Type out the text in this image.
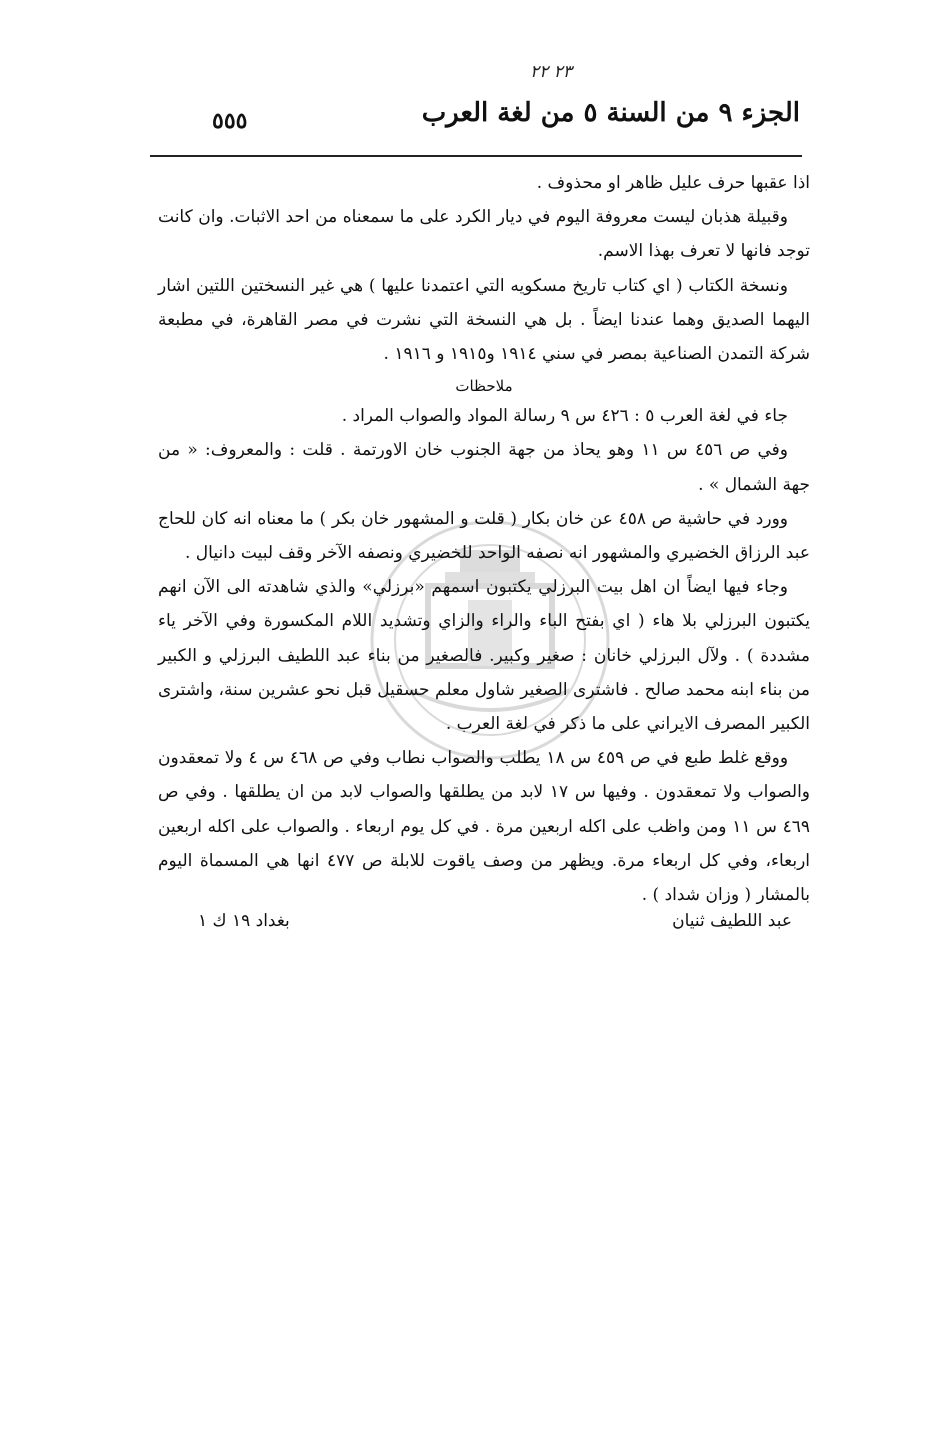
٢٣ ٢٢
الجزء ٩ من السنة ٥ من لغة العرب
٥٥٥

اذا عقبها حرف عليل ظاهر او محذوف .

وقبيلة هذبان ليست معروفة اليوم في ديار الكرد على ما سمعناه من احد الاثبات. وان كانت توجد فانها لا تعرف بهذا الاسم.

ونسخة الكتاب ( اي كتاب تاريخ مسكويه التي اعتمدنا عليها ) هي غير النسختين اللتين اشار اليهما الصديق وهما عندنا ايضاً . بل هي النسخة التي نشرت في مصر القاهرة، في مطبعة شركة التمدن الصناعية بمصر في سني ١٩١٤ و١٩١٥ و ١٩١٦ .

ملاحظات

جاء في لغة العرب ٥ : ٤٢٦ س ٩ رسالة المواد والصواب المراد .

وفي ص ٤٥٦ س ١١ وهو يحاذ من جهة الجنوب خان الاورتمة . قلت : والمعروف: « من جهة الشمال » .

وورد في حاشية ص ٤٥٨ عن خان بكار ( قلت و المشهور خان بكر ) ما معناه انه كان للحاج عبد الرزاق الخضيري والمشهور انه نصفه الواحد للخضيري ونصفه الآخر وقف لبيت دانيال .

وجاء فيها ايضاً ان اهل بيت البرزلي يكتبون اسمهم «برزلي» والذي شاهدته الى الآن انهم يكتبون البرزلي بلا هاء ( اي بفتح الباء والراء والزاي وتشديد اللام المكسورة وفي الآخر ياء مشددة ) . ولآل البرزلي خانان : صغير وكبير. فالصغير من بناء عبد اللطيف البرزلي و الكبير من بناء ابنه محمد صالح . فاشترى الصغير شاول معلم حسقيل قبل نحو عشرين سنة، واشترى الكبير المصرف الايراني على ما ذكر في لغة العرب .

ووقع غلط طبع في ص ٤٥٩ س ١٨ يطلب والصواب نطاب وفي ص ٤٦٨ س ٤ ولا تمعقدون والصواب ولا تمعقدون . وفيها س ١٧ لابد من يطلقها والصواب لابد من ان يطلقها . وفي ص ٤٦٩ س ١١ ومن واظب على اكله اربعين مرة . في كل يوم اربعاء . والصواب على اكله اربعين اربعاء، وفي كل اربعاء مرة. ويظهر من وصف ياقوت للابلة ص ٤٧٧ انها هي المسماة اليوم بالمشار ( وزان شداد ) .

عبد اللطيف ثنيان
بغداد ١٩ ك ١
